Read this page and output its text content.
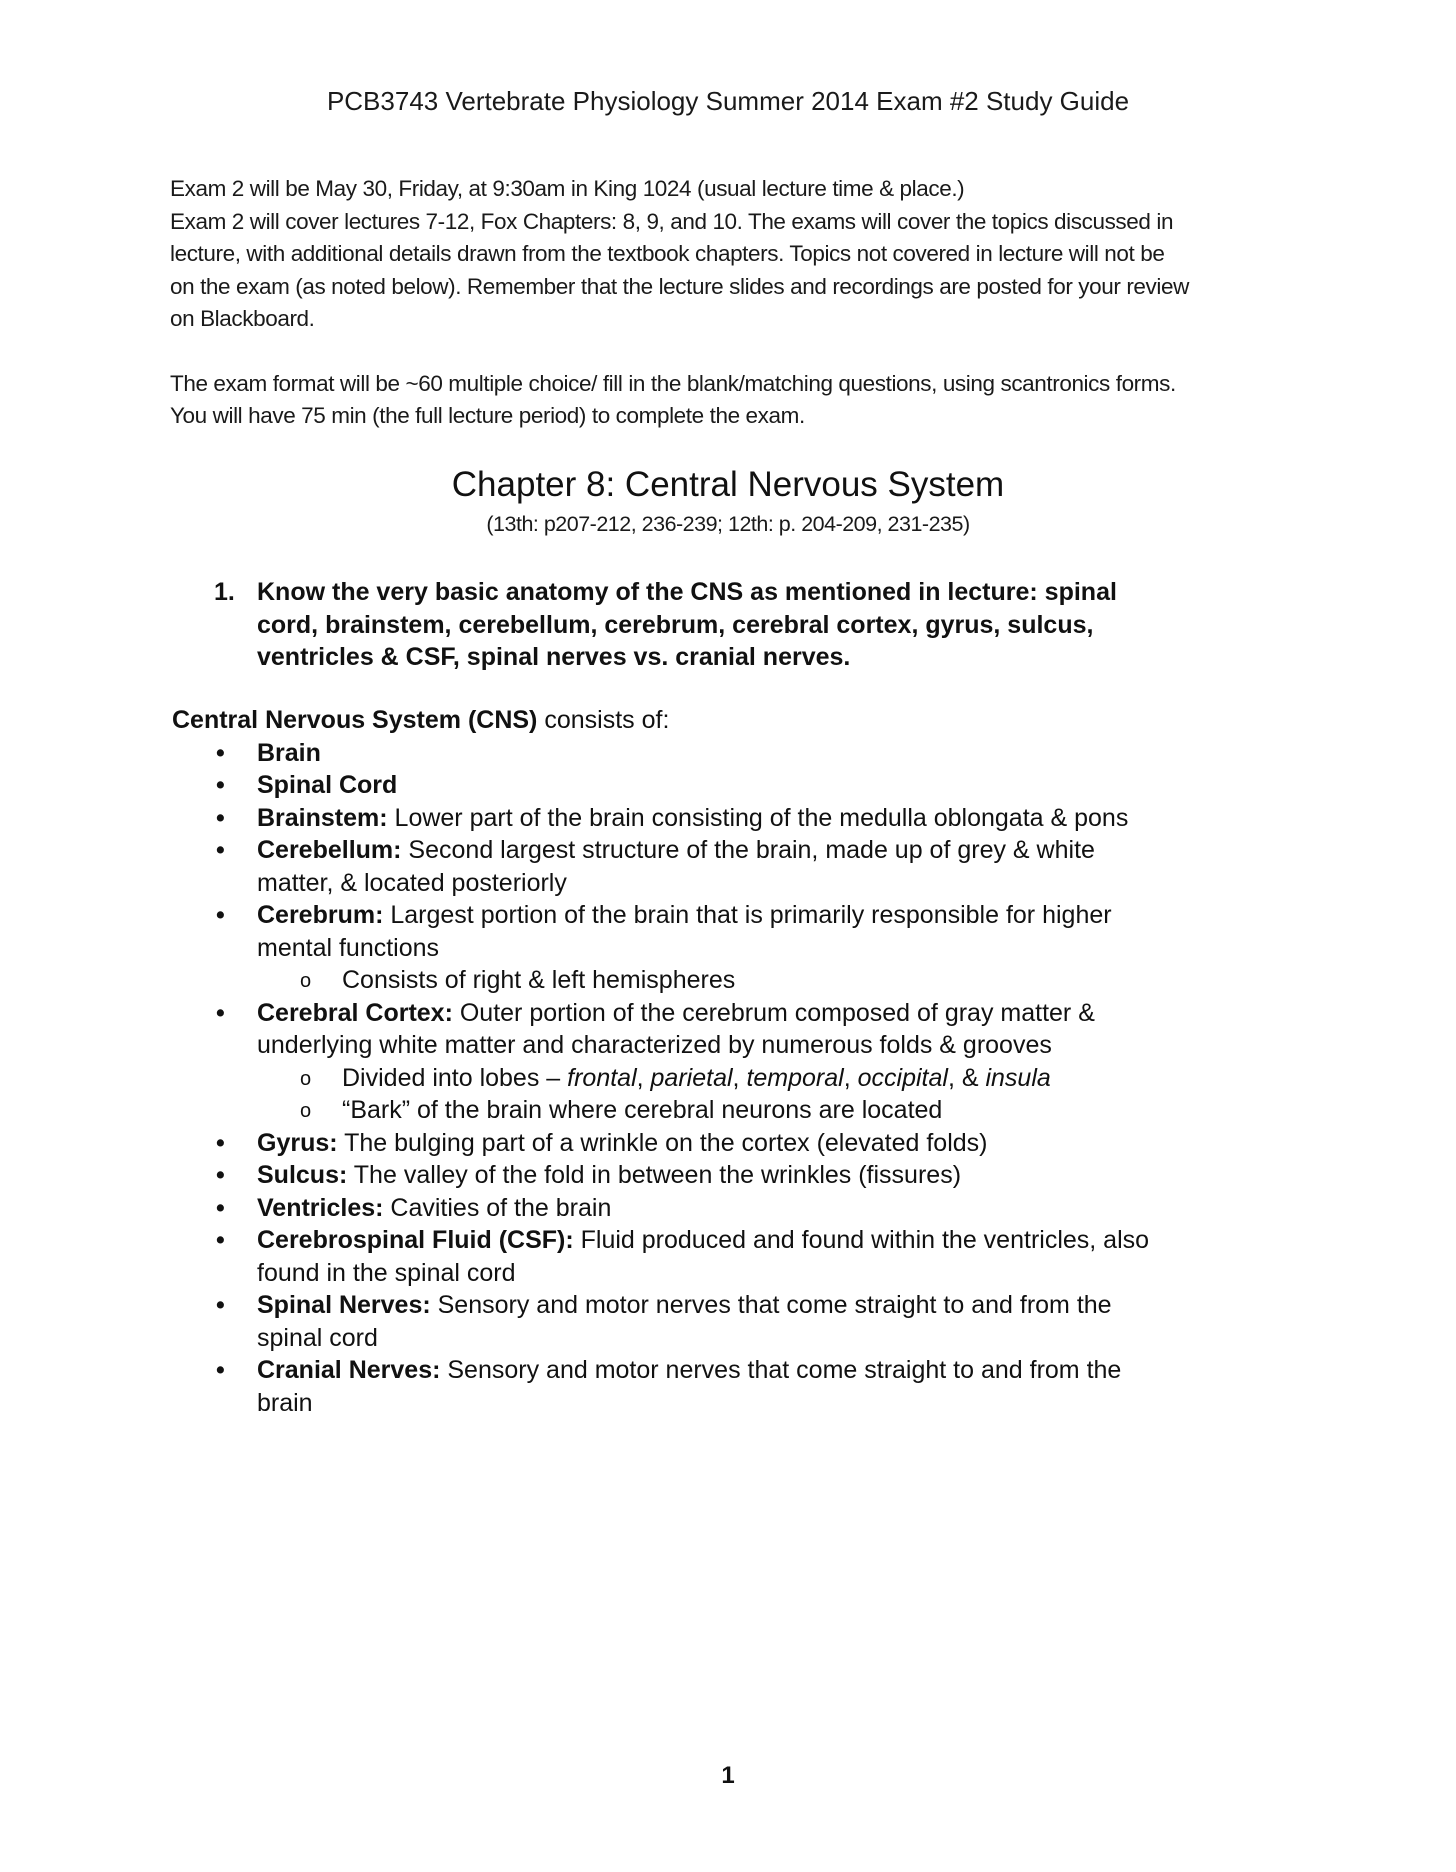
PCB3743 Vertebrate Physiology Summer 2014 Exam #2 Study Guide

Exam 2 will be May 30, Friday, at 9:30am in King 1024 (usual lecture time & place.)

Exam 2 will cover lectures 7-12, Fox Chapters: 8, 9, and 10. The exams will cover the topics discussed in

lecture, with additional details drawn from the textbook chapters. Topics not covered in lecture will not be

on the exam (as noted below). Remember that the lecture slides and recordings are posted for your review

on Blackboard.

The exam format will be ~60 multiple choice/ fill in the blank/matching questions, using scantronics forms.

You will have 75 min (the full lecture period) to complete the exam.

Chapter 8: Central Nervous System
(13th: p207-212, 236-239; 12th: p. 204-209, 231-235)
1. Know the very basic anatomy of the CNS as mentioned in lecture: spinal
cord, brainstem, cerebellum, cerebrum, cerebral cortex, gyrus, sulcus,
ventricles & CSF, spinal nerves vs. cranial nerves.

Central Nervous System (CNS) consists of:

• Brain
• Spinal Cord
• Brainstem: Lower part of the brain consisting of the medulla oblongata & pons
• Cerebellum: Second largest structure of the brain, made up of grey & white
matter, & located posteriorly
• Cerebrum: Largest portion of the brain that is primarily responsible for higher
mental functions
o Consists of right & left hemispheres
• Cerebral Cortex: Outer portion of the cerebrum composed of gray matter &
underlying white matter and characterized by numerous folds & grooves
o Divided into lobes – frontal, parietal, temporal, occipital, & insula
o “Bark” of the brain where cerebral neurons are located
• Gyrus: The bulging part of a wrinkle on the cortex (elevated folds)
• Sulcus: The valley of the fold in between the wrinkles (fissures)
• Ventricles: Cavities of the brain
• Cerebrospinal Fluid (CSF): Fluid produced and found within the ventricles, also
found in the spinal cord
• Spinal Nerves: Sensory and motor nerves that come straight to and from the
spinal cord
• Cranial Nerves: Sensory and motor nerves that come straight to and from the
brain
1
